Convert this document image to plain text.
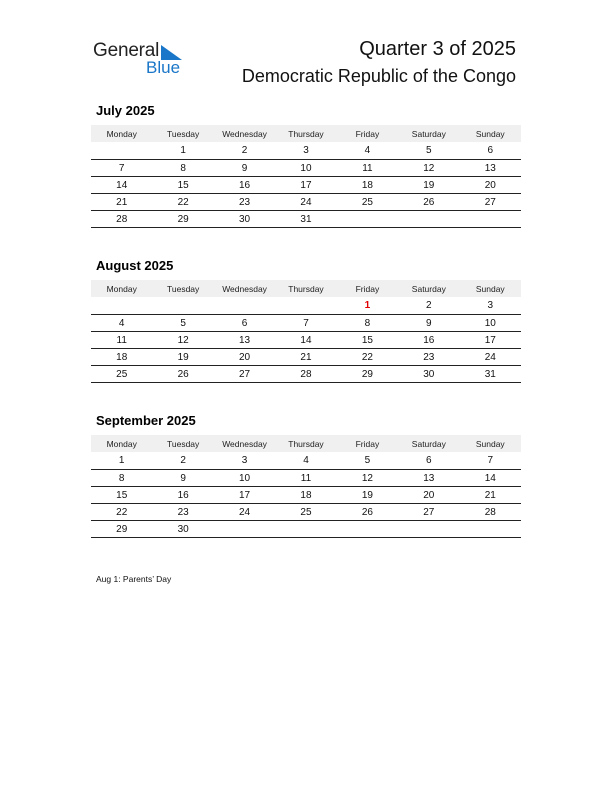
General
Blue
Quarter 3 of 2025
Democratic Republic of the Congo
July 2025
Monday	Tuesday	Wednesday	Thursday	Friday	Saturday	Sunday
	1	2	3	4	5	6
7	8	9	10	11	12	13
14	15	16	17	18	19	20
21	22	23	24	25	26	27
28	29	30	31			
August 2025
Monday	Tuesday	Wednesday	Thursday	Friday	Saturday	Sunday
				1	2	3
4	5	6	7	8	9	10
11	12	13	14	15	16	17
18	19	20	21	22	23	24
25	26	27	28	29	30	31
September 2025
Monday	Tuesday	Wednesday	Thursday	Friday	Saturday	Sunday
1	2	3	4	5	6	7
8	9	10	11	12	13	14
15	16	17	18	19	20	21
22	23	24	25	26	27	28
29	30					
Aug 1: Parents’ Day
